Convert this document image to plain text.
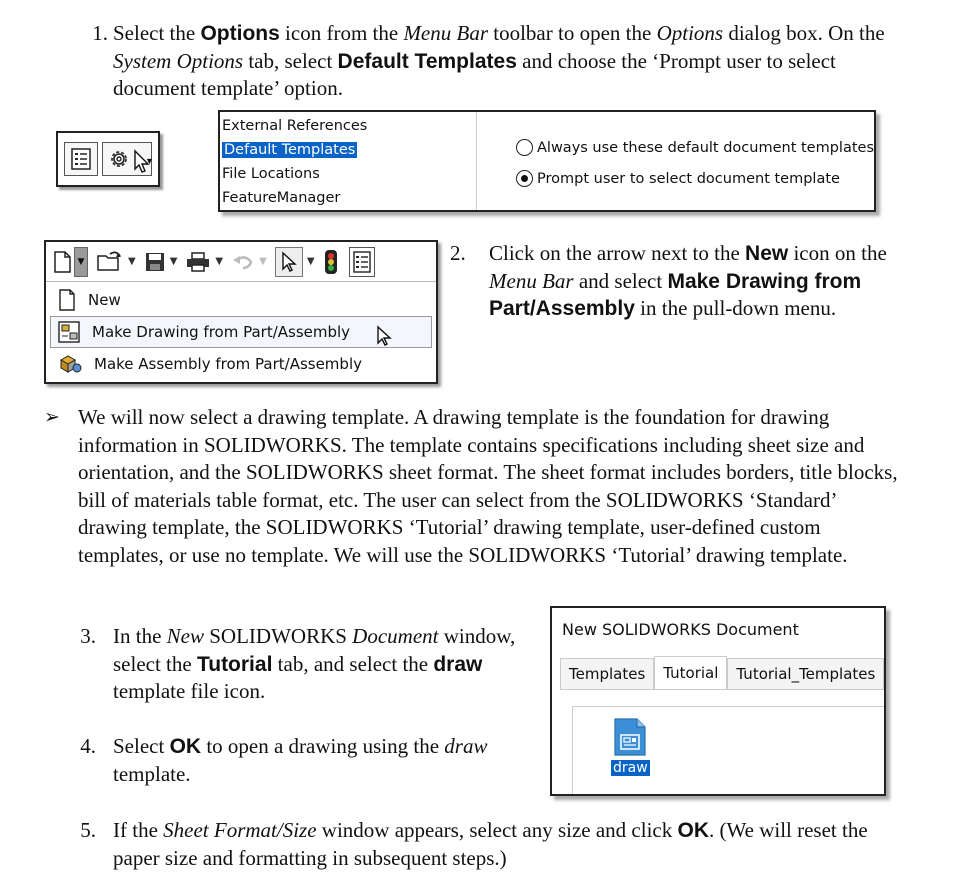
1. Select the Options icon from the Menu Bar toolbar to open the Options dialog box. On the System Options tab, select Default Templates and choose the ‘Prompt user to select document template’ option.
▼
External References
Default Templates
File Locations
FeatureManager
Always use these default document templates
Prompt user to select document template
▼	▼	▼	▼	▼	▼
New
Make Drawing from Part/Assembly
Make Assembly from Part/Assembly
2.	Click on the arrow next to the New icon on the Menu Bar and select Make Drawing from Part/Assembly in the pull-down menu.
➢ We will now select a drawing template. A drawing template is the foundation for drawing information in SOLIDWORKS. The template contains specifications including sheet size and orientation, and the SOLIDWORKS sheet format. The sheet format includes borders, title blocks, bill of materials table format, etc. The user can select from the SOLIDWORKS ‘Standard’ drawing template, the SOLIDWORKS ‘Tutorial’ drawing template, user-defined custom templates, or use no template. We will use the SOLIDWORKS ‘Tutorial’ drawing template.
3. In the New SOLIDWORKS Document window, select the Tutorial tab, and select the draw template file icon.
4. Select OK to open a drawing using the draw template.
New SOLIDWORKS Document
Templates	Tutorial	Tutorial_Templates
draw
5. If the Sheet Format/Size window appears, select any size and click OK. (We will reset the paper size and formatting in subsequent steps.)
